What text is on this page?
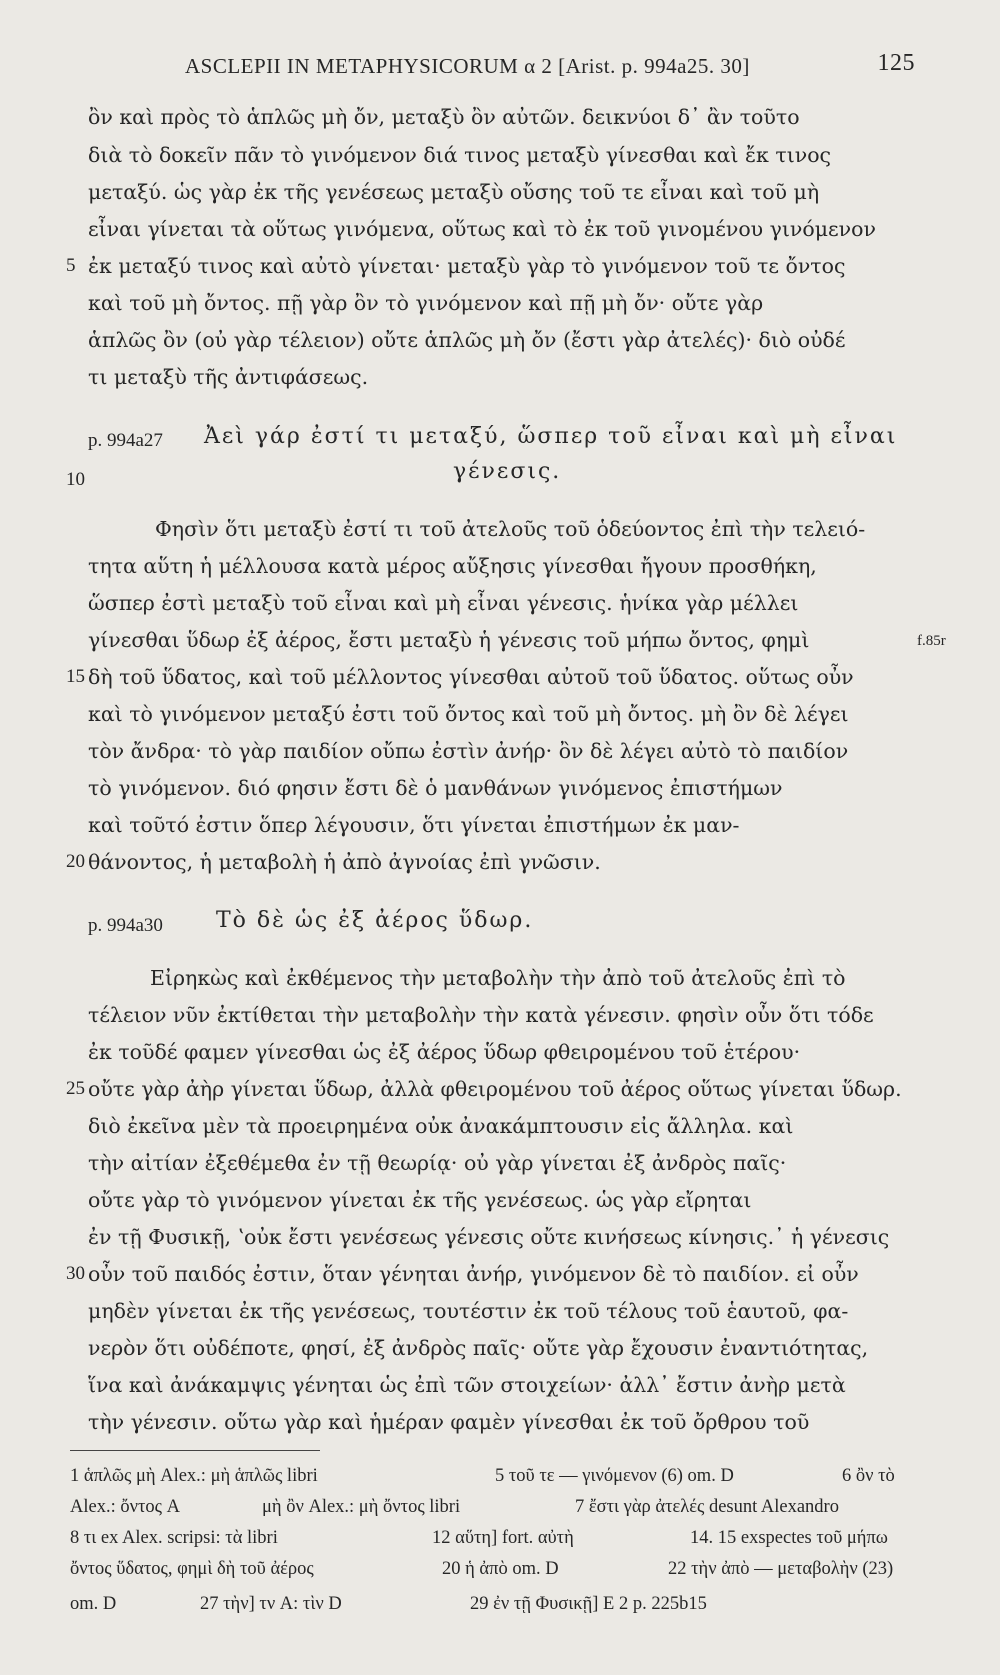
ASCLEPII IN METAPHYSICORUM α 2 [Arist. p. 994a25. 30]	125
ὂν καὶ πρὸς τὸ ἁπλῶς μὴ ὄν, μεταξὺ ὂν αὐτῶν. δεικνύοι δ᾽ ἂν τοῦτο
διὰ τὸ δοκεῖν πᾶν τὸ γινόμενον διά τινος μεταξὺ γίνεσθαι καὶ ἔκ τινος
μεταξύ. ὡς γὰρ ἐκ τῆς γενέσεως μεταξὺ οὔσης τοῦ τε εἶναι καὶ τοῦ μὴ
εἶναι γίνεται τὰ οὕτως γινόμενα, οὕτως καὶ τὸ ἐκ τοῦ γινομένου γινόμενον
ἐκ μεταξύ τινος καὶ αὐτὸ γίνεται· μεταξὺ γὰρ τὸ γινόμενον τοῦ τε ὄντος
καὶ τοῦ μὴ ὄντος. πῇ γὰρ ὂν τὸ γινόμενον καὶ πῇ μὴ ὄν· οὔτε γὰρ
ἁπλῶς ὂν (οὐ γὰρ τέλειον) οὔτε ἁπλῶς μὴ ὄν (ἔστι γὰρ ἀτελές)· διὸ οὐδέ
τι μεταξὺ τῆς ἀντιφάσεως.
5
p. 994a27 Ἀεὶ γάρ ἐστί τι μεταξύ, ὥσπερ τοῦ εἶναι καὶ μὴ εἶναι
γένεσις.
10
Φησὶν ὅτι μεταξὺ ἐστί τι τοῦ ἀτελοῦς τοῦ ὁδεύοντος ἐπὶ τὴν τελειό-
τητα αὕτη ἡ μέλλουσα κατὰ μέρος αὔξησις γίνεσθαι ἤγουν προσθήκη,
ὥσπερ ἐστὶ μεταξὺ τοῦ εἶναι καὶ μὴ εἶναι γένεσις. ἡνίκα γὰρ μέλλει
γίνεσθαι ὕδωρ ἐξ ἀέρος, ἔστι μεταξὺ ἡ γένεσις τοῦ μήπω ὄντος, φημὶ
δὴ τοῦ ὕδατος, καὶ τοῦ μέλλοντος γίνεσθαι αὐτοῦ τοῦ ὕδατος. οὕτως οὖν
καὶ τὸ γινόμενον μεταξύ ἐστι τοῦ ὄντος καὶ τοῦ μὴ ὄντος. μὴ ὂν δὲ λέγει
τὸν ἄνδρα· τὸ γὰρ παιδίον οὔπω ἐστὶν ἀνήρ· ὂν δὲ λέγει αὐτὸ τὸ παιδίον
τὸ γινόμενον. διό φησιν ἔστι δὲ ὁ μανθάνων γινόμενος ἐπιστήμων
καὶ τοῦτό ἐστιν ὅπερ λέγουσιν, ὅτι γίνεται ἐπιστήμων ἐκ μαν-
θάνοντος, ἡ μεταβολὴ ἡ ἀπὸ ἀγνοίας ἐπὶ γνῶσιν.
15
20
f.85r
p. 994a30 Τὸ δὲ ὡς ἐξ ἀέρος ὕδωρ.
Εἰρηκὼς καὶ ἐκθέμενος τὴν μεταβολὴν τὴν ἀπὸ τοῦ ἀτελοῦς ἐπὶ τὸ
τέλειον νῦν ἐκτίθεται τὴν μεταβολὴν τὴν κατὰ γένεσιν. φησὶν οὖν ὅτι τόδε
ἐκ τοῦδέ φαμεν γίνεσθαι ὡς ἐξ ἀέρος ὕδωρ φθειρομένου τοῦ ἑτέρου·
οὔτε γὰρ ἀὴρ γίνεται ὕδωρ, ἀλλὰ φθειρομένου τοῦ ἀέρος οὕτως γίνεται ὕδωρ.
διὸ ἐκεῖνα μὲν τὰ προειρημένα οὐκ ἀνακάμπτουσιν εἰς ἄλληλα. καὶ
τὴν αἰτίαν ἐξεθέμεθα ἐν τῇ θεωρίᾳ· οὐ γὰρ γίνεται ἐξ ἀνδρὸς παῖς·
οὔτε γὰρ τὸ γινόμενον γίνεται ἐκ τῆς γενέσεως. ὡς γὰρ εἴρηται
ἐν τῇ Φυσικῇ, ʽοὐκ ἔστι γενέσεως γένεσις οὔτε κινήσεως κίνησις.᾽ ἡ γένεσις
οὖν τοῦ παιδός ἐστιν, ὅταν γένηται ἀνήρ, γινόμενον δὲ τὸ παιδίον. εἰ οὖν
μηδὲν γίνεται ἐκ τῆς γενέσεως, τουτέστιν ἐκ τοῦ τέλους τοῦ ἑαυτοῦ, φα-
νερὸν ὅτι οὐδέποτε, φησί, ἐξ ἀνδρὸς παῖς· οὔτε γὰρ ἔχουσιν ἐναντιότητας,
ἵνα καὶ ἀνάκαμψις γένηται ὡς ἐπὶ τῶν στοιχείων· ἀλλ᾽ ἔστιν ἀνὴρ μετὰ
τὴν γένεσιν. οὕτω γὰρ καὶ ἡμέραν φαμὲν γίνεσθαι ἐκ τοῦ ὄρθρου τοῦ
25
30
1 ἁπλῶς μὴ Alex.: μὴ ἁπλῶς libri	5 τοῦ τε — γινόμενον (6) om. D	6 ὂν τὸ
Alex.: ὄντος A	μὴ ὂν Alex.: μὴ ὄντος libri	7 ἔστι γὰρ ἀτελές desunt Alexandro
8 τι ex Alex. scripsi: τὰ libri	12 αὕτη] fort. αὐτὴ	14. 15 exspectes τοῦ μήπω
ὄντος ὕδατος, φημὶ δὴ τοῦ ἀέρος	20 ἡ ἀπὸ om. D	22 τὴν ἀπὸ — μεταβολὴν (23)
om. D	27 τὴν] τν A: τὶν D	29 ἐν τῇ Φυσικῇ] E 2 p. 225b15
